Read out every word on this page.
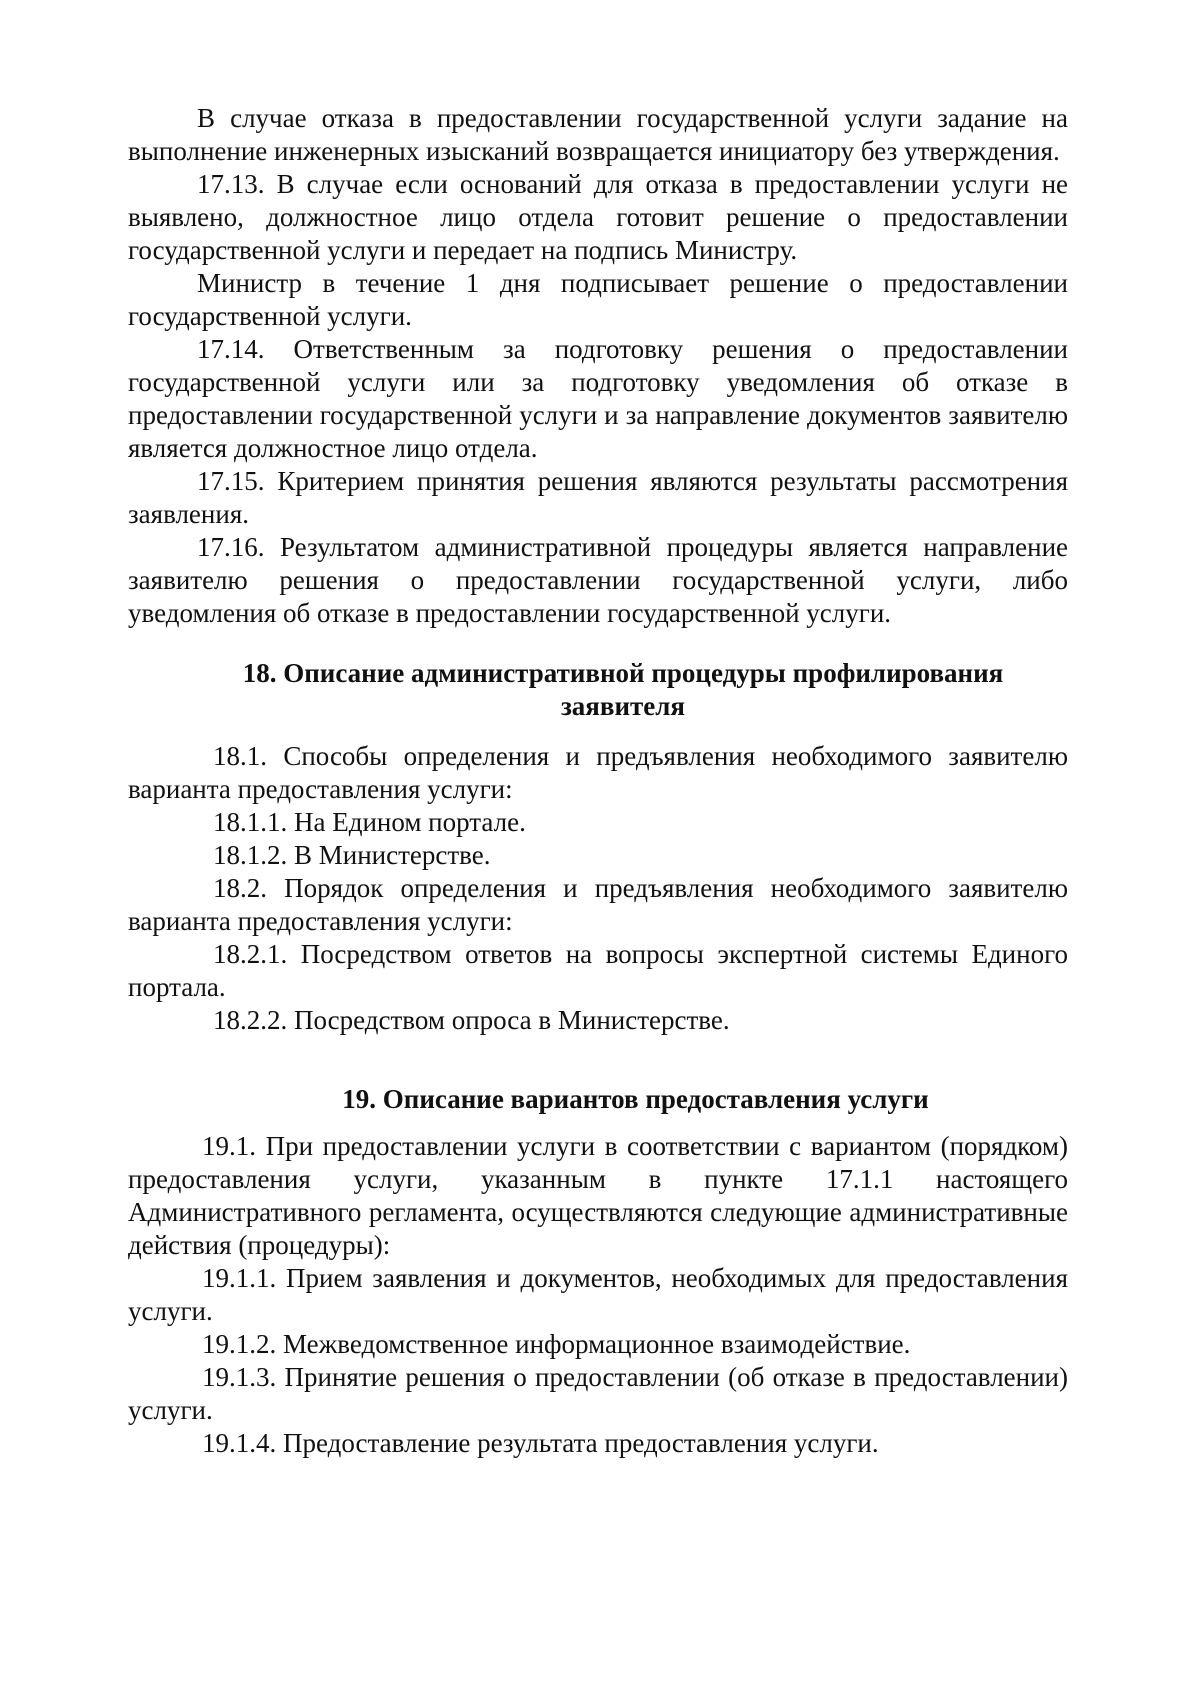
В случае отказа в предоставлении государственной услуги задание на выполнение инженерных изысканий возвращается инициатору без утверждения.

17.13. В случае если оснований для отказа в предоставлении услуги не выявлено, должностное лицо отдела готовит решение о предоставлении государственной услуги и передает на подпись Министру.

Министр в течение 1 дня подписывает решение о предоставлении государственной услуги.

17.14. Ответственным за подготовку решения о предоставлении государственной услуги или за подготовку уведомления об отказе в предоставлении государственной услуги и за направление документов заявителю является должностное лицо отдела.

17.15. Критерием принятия решения являются результаты рассмотрения заявления.

17.16. Результатом административной процедуры является направление заявителю решения о предоставлении государственной услуги, либо уведомления об отказе в предоставлении государственной услуги.

18. Описание административной процедуры профилирования заявителя

18.1. Способы определения и предъявления необходимого заявителю варианта предоставления услуги:

18.1.1. На Едином портале.

18.1.2. В Министерстве.

18.2. Порядок определения и предъявления необходимого заявителю варианта предоставления услуги:

18.2.1. Посредством ответов на вопросы экспертной системы Единого портала.

18.2.2. Посредством опроса в Министерстве.

19. Описание вариантов предоставления услуги

19.1. При предоставлении услуги в соответствии с вариантом (порядком) предоставления услуги, указанным в пункте 17.1.1 настоящего Административного регламента, осуществляются следующие административные действия (процедуры):

19.1.1. Прием заявления и документов, необходимых для предоставления услуги.

19.1.2. Межведомственное информационное взаимодействие.

19.1.3. Принятие решения о предоставлении (об отказе в предоставлении) услуги.

19.1.4. Предоставление результата предоставления услуги.
